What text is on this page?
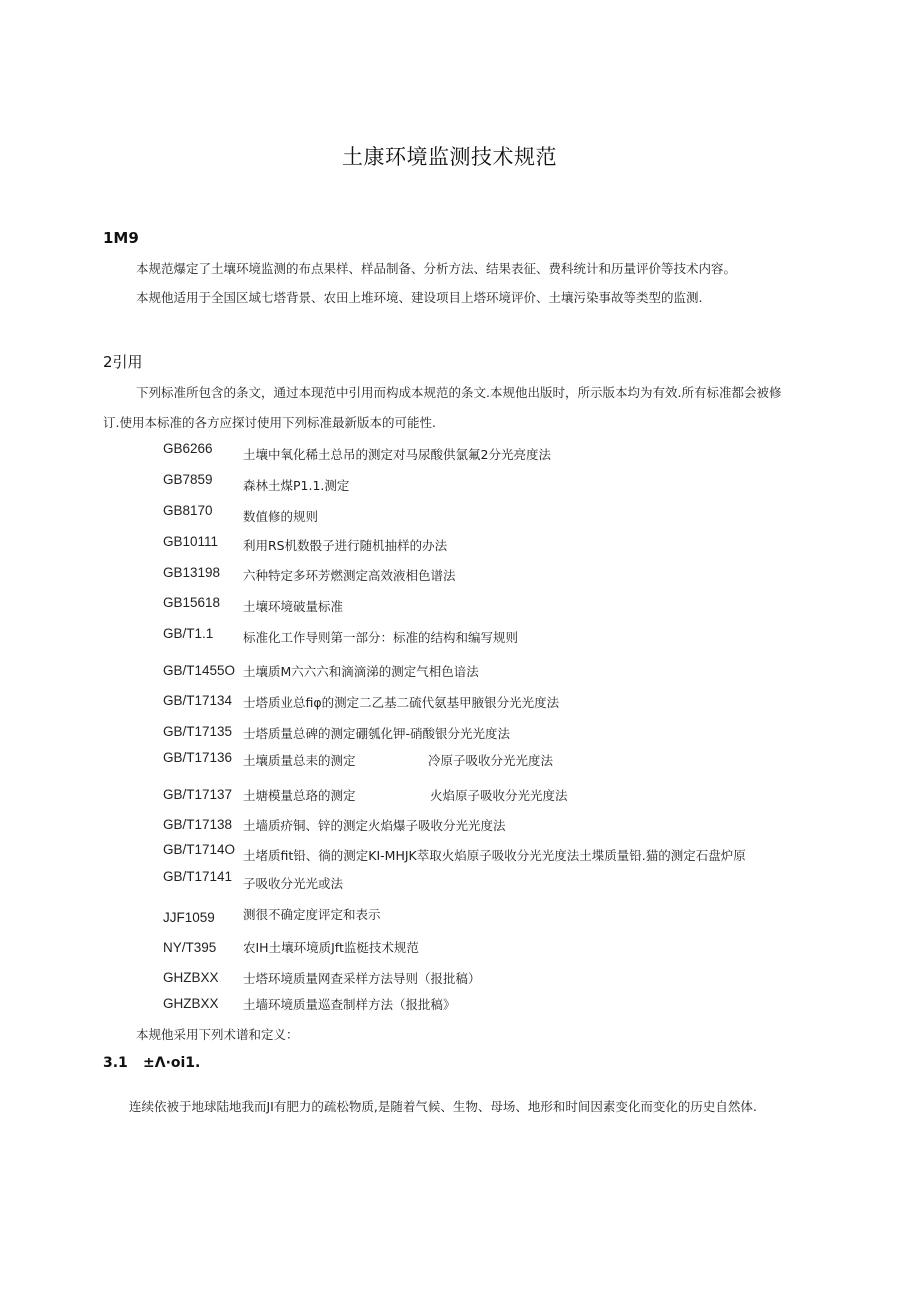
土康环境监测技术规范
1M9
本规范爆定了土壤环境监测的布点果样、样品制备、分析方法、结果表征、费科统计和历量评价等技术内容。
本规他适用于全国区域七塔背景、农田上堆环境、建设项目上塔环境评价、土壤污染事故等类型的监测.
2引用
下列标准所包含的条文，通过本现范中引用而构成本规范的条文.本规他出版时，所示版本均为有效.所有标准都会被修
订.使用本标准的各方应探讨使用下列标准最新版本的可能性.
GB6266 土壤中氧化稀土总吊的测定对马尿酸供氯氟2分光亮度法
GB7859 森林土煤P1.1.测定
GB8170 数值修的规则
GB10111 利用RS机数骰子进行随机抽样的办法
GB13198 六种特定多环芳燃测定高效液相色谱法
GB15618 土壤环境破量标准
GB/T1.1 标准化工作导则第一部分：标准的结构和编写规则
GB/T1455O 土壤质M六六六和滴滴涕的测定气相色谙法
GB/T17134 士塔质业总fiφ的测定二乙基二硫代氨基甲腋银分光光度法
GB/T17135 士塔质量总碑的测定硼瓠化钾-硝酸银分光光度法
GB/T17136 土壤质量总耒的测定	冷原子吸收分光光度法
GB/T17137 土塘模量总珞的测定	火焰原子吸收分光光度法
GB/T17138 土墙质疥铜、锌的测定火焰爆子吸收分光光度法
GB/T1714O 土堵质fit铅、徜的测定KI-MHJK萃取火焰原子吸收分光光度法土堞质量铅.猫的测定石盘炉原
GB/T17141 子吸收分光光或法
JJF1059 测很不确定度评定和表示
NY/T395 农IH土壤环境质Jft监梃技术规范
GHZBXX 士塔环境质量网查采样方法导则（报批稿）
GHZBXX 土墙环境质量巡查制样方法（报批稿》
本规他采用下列术谱和定义：
3.1 ±Λ·oi1.
连续依被于地球陆地我而JI有肥力的疏松物质,是随着气候、生物、母场、地形和时间因素变化而变化的历史自然体.
